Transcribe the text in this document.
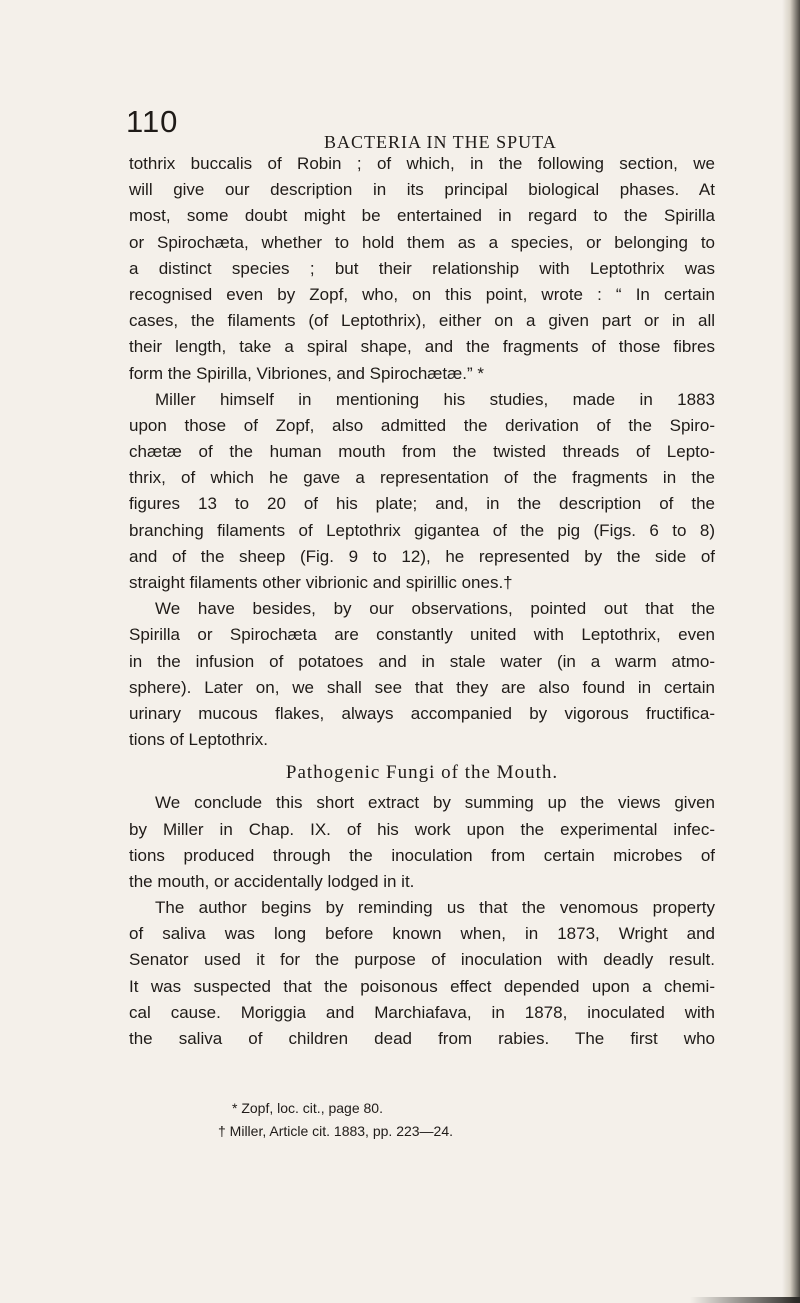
110
BACTERIA IN THE SPUTA
tothrix buccalis of Robin ; of which, in the following section, we
will give our description in its principal biological phases. At
most, some doubt might be entertained in regard to the Spirilla
or Spirochæta, whether to hold them as a species, or belonging to
a distinct species ; but their relationship with Leptothrix was
recognised even by Zopf, who, on this point, wrote : “ In certain
cases, the filaments (of Leptothrix), either on a given part or in all
their length, take a spiral shape, and the fragments of those fibres
form the Spirilla, Vibriones, and Spirochætæ.” *
Miller himself in mentioning his studies, made in 1883
upon those of Zopf, also admitted the derivation of the Spiro-
chætæ of the human mouth from the twisted threads of Lepto-
thrix, of which he gave a representation of the fragments in the
figures 13 to 20 of his plate; and, in the description of the
branching filaments of Leptothrix gigantea of the pig (Figs. 6 to 8)
and of the sheep (Fig. 9 to 12), he represented by the side of
straight filaments other vibrionic and spirillic ones.†
We have besides, by our observations, pointed out that the
Spirilla or Spirochæta are constantly united with Leptothrix, even
in the infusion of potatoes and in stale water (in a warm atmo-
sphere). Later on, we shall see that they are also found in certain
urinary mucous flakes, always accompanied by vigorous fructifica-
tions of Leptothrix.
Pathogenic Fungi of the Mouth.
We conclude this short extract by summing up the views given
by Miller in Chap. IX. of his work upon the experimental infec-
tions produced through the inoculation from certain microbes of
the mouth, or accidentally lodged in it.
The author begins by reminding us that the venomous property
of saliva was long before known when, in 1873, Wright and
Senator used it for the purpose of inoculation with deadly result.
It was suspected that the poisonous effect depended upon a chemi-
cal cause. Moriggia and Marchiafava, in 1878, inoculated with
the saliva of children dead from rabies. The first who
* Zopf, loc. cit., page 80.
† Miller, Article cit. 1883, pp. 223—24.
